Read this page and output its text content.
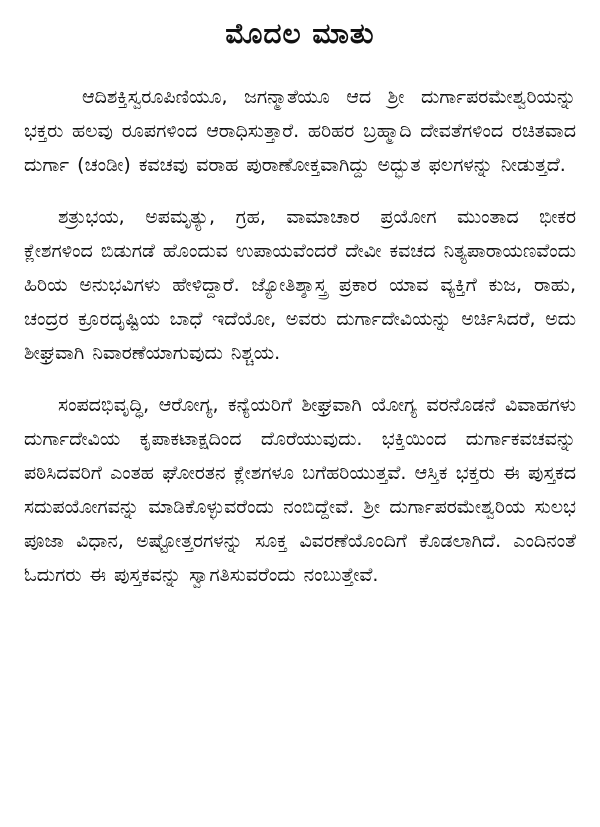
ಮೊದಲ ಮಾತು

ಆದಿಶಕ್ತಿಸ್ವರೂಪಿಣಿಯೂ, ಜಗನ್ಮಾತೆಯೂ ಆದ ಶ್ರೀ ದುರ್ಗಾಪರಮೇಶ್ವರಿಯನ್ನು ಭಕ್ತರು ಹಲವು ರೂಪಗಳಿಂದ ಆರಾಧಿಸುತ್ತಾರೆ. ಹರಿಹರ ಬ್ರಹ್ಮಾದಿ ದೇವತೆಗಳಿಂದ ರಚಿತವಾದ ದುರ್ಗಾ (ಚಂಡೀ) ಕವಚವು ವರಾಹ ಪುರಾಣೋಕ್ತವಾಗಿದ್ದು ಅದ್ಭುತ ಫಲಗಳನ್ನು ನೀಡುತ್ತದೆ.

ಶತ್ರುಭಯ, ಅಪಮೃತ್ಯು, ಗ್ರಹ, ವಾಮಾಚಾರ ಪ್ರಯೋಗ ಮುಂತಾದ ಭೀಕರ ಕ್ಲೇಶಗಳಿಂದ ಬಿಡುಗಡೆ ಹೊಂದುವ ಉಪಾಯವೆಂದರೆ ದೇವೀ ಕವಚದ ನಿತ್ಯಪಾರಾಯಣವೆಂದು ಹಿರಿಯ ಅನುಭವಿಗಳು ಹೇಳಿದ್ದಾರೆ. ಜ್ಯೋತಿಶ್ಶಾಸ್ತ್ರ ಪ್ರಕಾರ ಯಾವ ವ್ಯಕ್ತಿಗೆ ಕುಜ, ರಾಹು, ಚಂದ್ರರ ಕ್ರೂರದೃಷ್ಟಿಯ ಬಾಧೆ ಇದೆಯೋ, ಅವರು ದುರ್ಗಾದೇವಿಯನ್ನು ಅರ್ಚಿಸಿದರೆ, ಅದು ಶೀಘ್ರವಾಗಿ ನಿವಾರಣೆಯಾಗುವುದು ನಿಶ್ಚಯ.

ಸಂಪದಭಿವೃದ್ಧಿ, ಆರೋಗ್ಯ, ಕನ್ಯೆಯರಿಗೆ ಶೀಘ್ರವಾಗಿ ಯೋಗ್ಯ ವರನೊಡನೆ ವಿವಾಹಗಳು ದುರ್ಗಾದೇವಿಯ ಕೃಪಾಕಟಾಕ್ಷದಿಂದ ದೊರೆಯುವುದು. ಭಕ್ತಿಯಿಂದ ದುರ್ಗಾಕವಚವನ್ನು ಪಠಿಸಿದವರಿಗೆ ಎಂತಹ ಘೋರತನ ಕ್ಲೇಶಗಳೂ ಬಗೆಹರಿಯುತ್ತವೆ. ಆಸ್ತಿಕ ಭಕ್ತರು ಈ ಪುಸ್ತಕದ ಸದುಪಯೋಗವನ್ನು ಮಾಡಿಕೊಳ್ಳುವರೆಂದು ನಂಬಿದ್ದೇವೆ. ಶ್ರೀ ದುರ್ಗಾಪರಮೇಶ್ವರಿಯ ಸುಲಭ ಪೂಜಾ ವಿಧಾನ, ಅಷ್ಟೋತ್ತರಗಳನ್ನು ಸೂಕ್ತ ವಿವರಣೆಯೊಂದಿಗೆ ಕೊಡಲಾಗಿದೆ. ಎಂದಿನಂತೆ ಓದುಗರು ಈ ಪುಸ್ತಕವನ್ನು ಸ್ವಾಗತಿಸುವರೆಂದು ನಂಬುತ್ತೇವೆ.
